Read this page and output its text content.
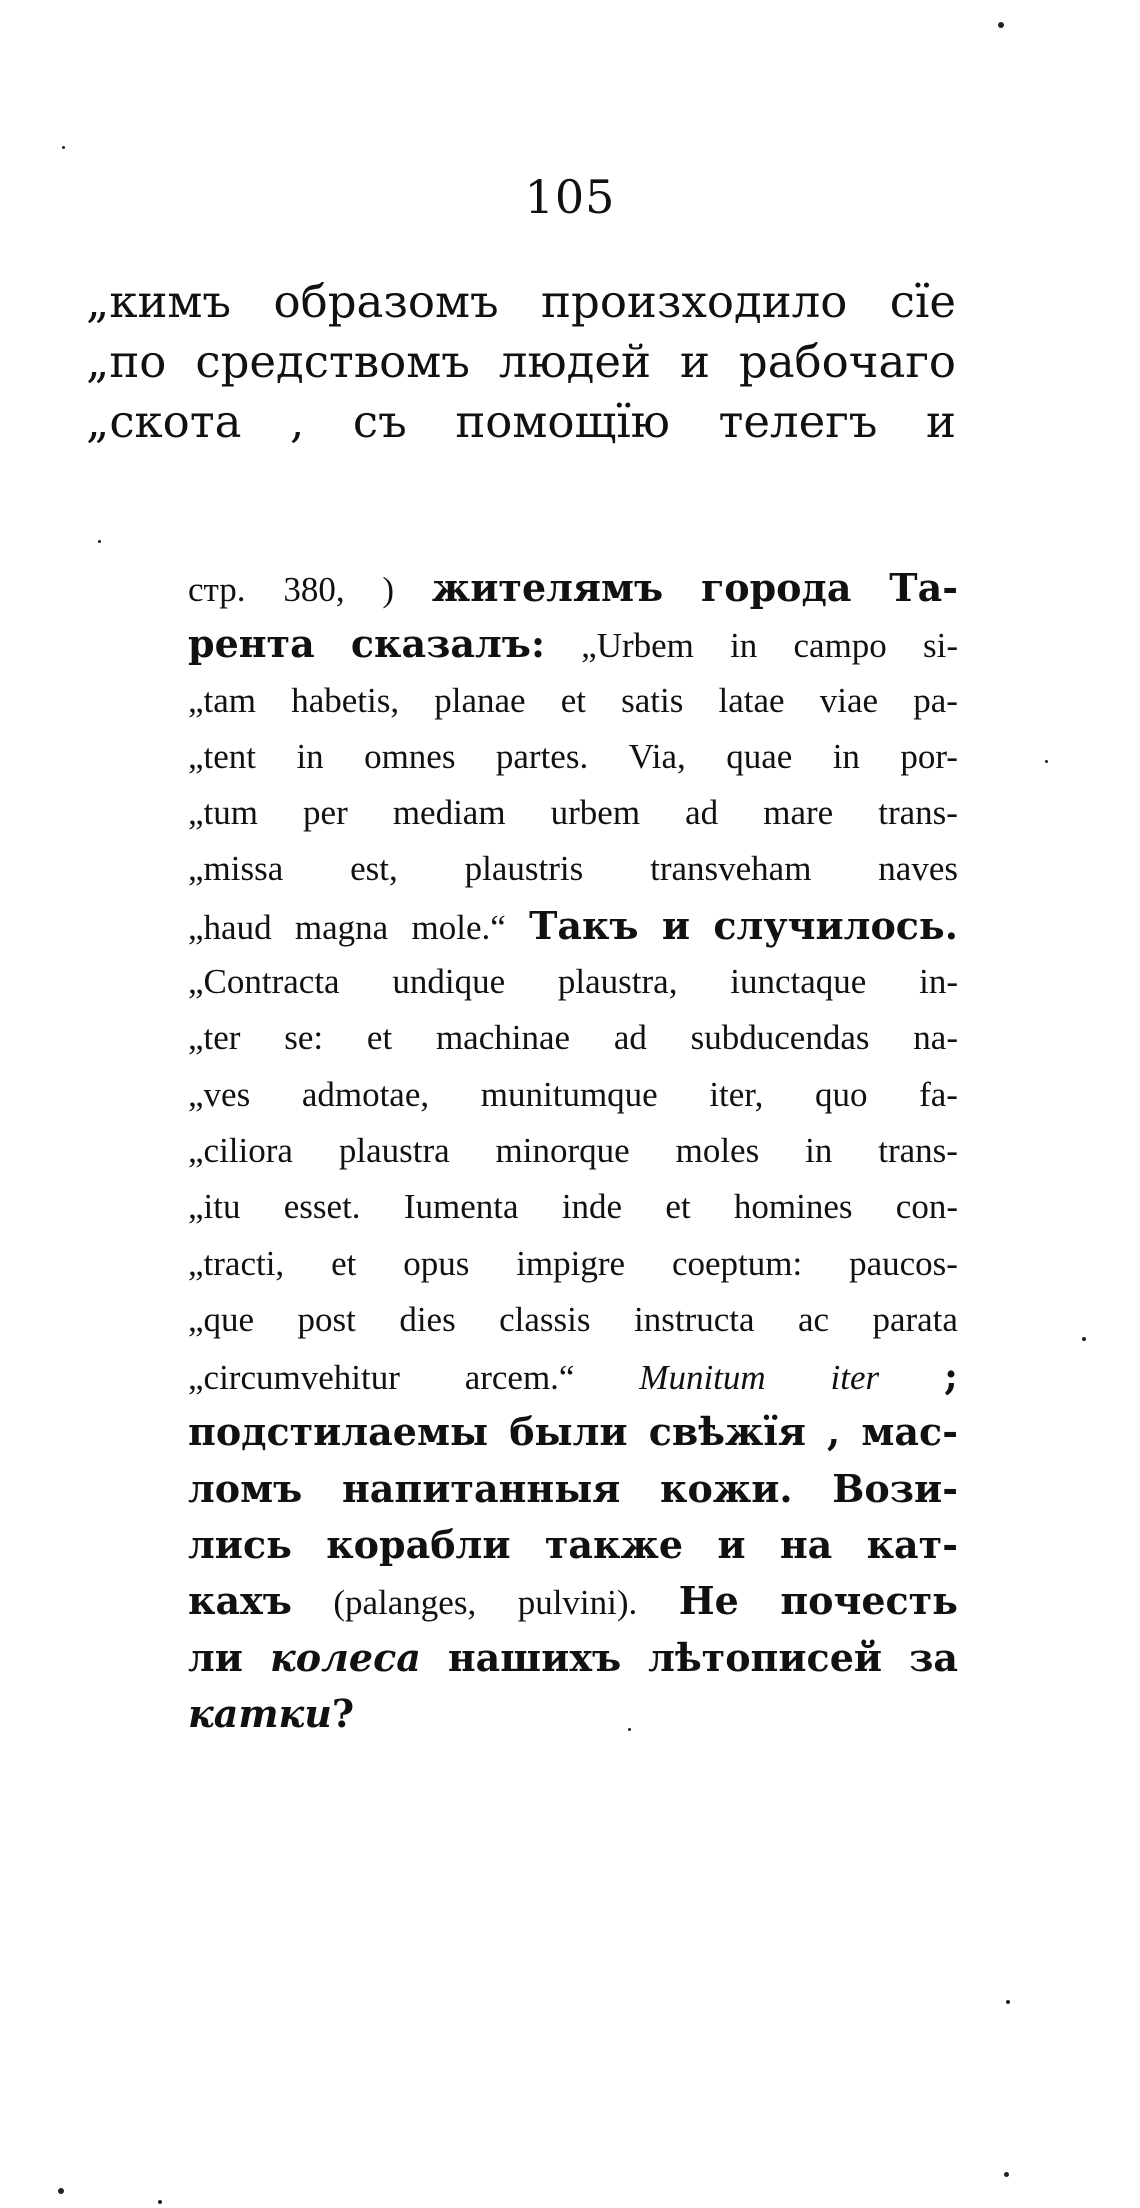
105
„кимъ образомъ произходило сїе
„по средствомъ людей и рабочаго
„скота , съ помощїю телегъ и
стр. 380, ) жителямъ города Та-
рента сказалъ: „Urbem in campo si-
„tam habetis, planae et satis latae viae pa-
„tent in omnes partes. Via, quae in por-
„tum per mediam urbem ad mare trans-
„missa est, plaustris transveham naves
„haud magna mole.“ Такъ и случилось.
„Contracta undique plaustra, iunctaque in-
„ter se: et machinae ad subducendas na-
„ves admotae, munitumque iter, quo fa-
„ciliora plaustra minorque moles in trans-
„itu esset. Iumenta inde et homines con-
„tracti, et opus impigre coeptum: paucos-
„que post dies classis instructa ac parata
„circumvehitur arcem.“ Munitum iter ;
подстилаемы были свѣжїя , мас-
ломъ напитанныя кожи. Вози-
лись корабли также и на кат-
кахъ (palanges, pulvini). Не почесть
ли колеса нашихъ лѣтописей за
катки ?
